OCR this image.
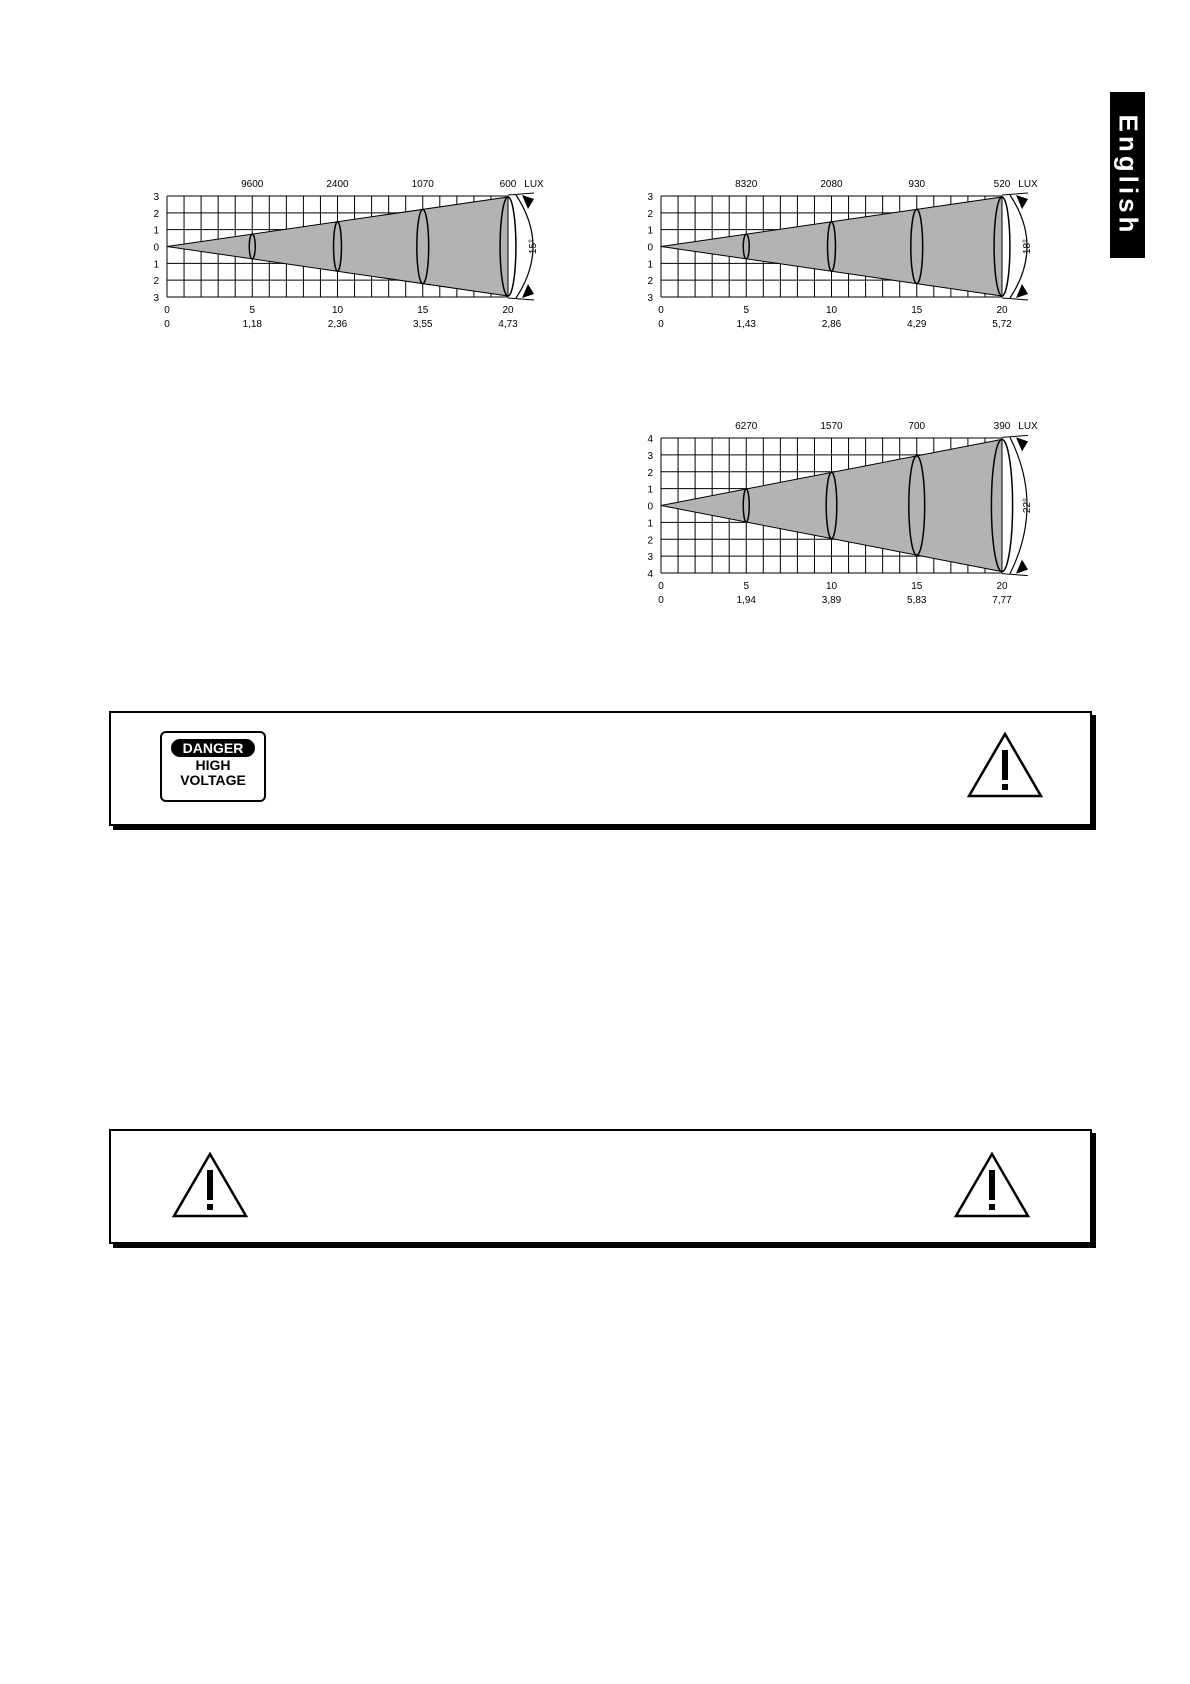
English
9600	2400	1070	600 LUX
3
2
1
0
1
2
3
0	5	10	15	20
0	1,18	2,36	3,55	4,73
15°
8320	2080	930	520 LUX
3
2
1
0
1
2
3
0	5	10	15	20
0	1,43	2,86	4,29	5,72
18°
6270	1570	700	390 LUX
4
3
2
1
0
1
2
3
4
0	5	10	15	20
0	1,94	3,89	5,83	7,77
22°
DANGER
HIGH
VOLTAGE
